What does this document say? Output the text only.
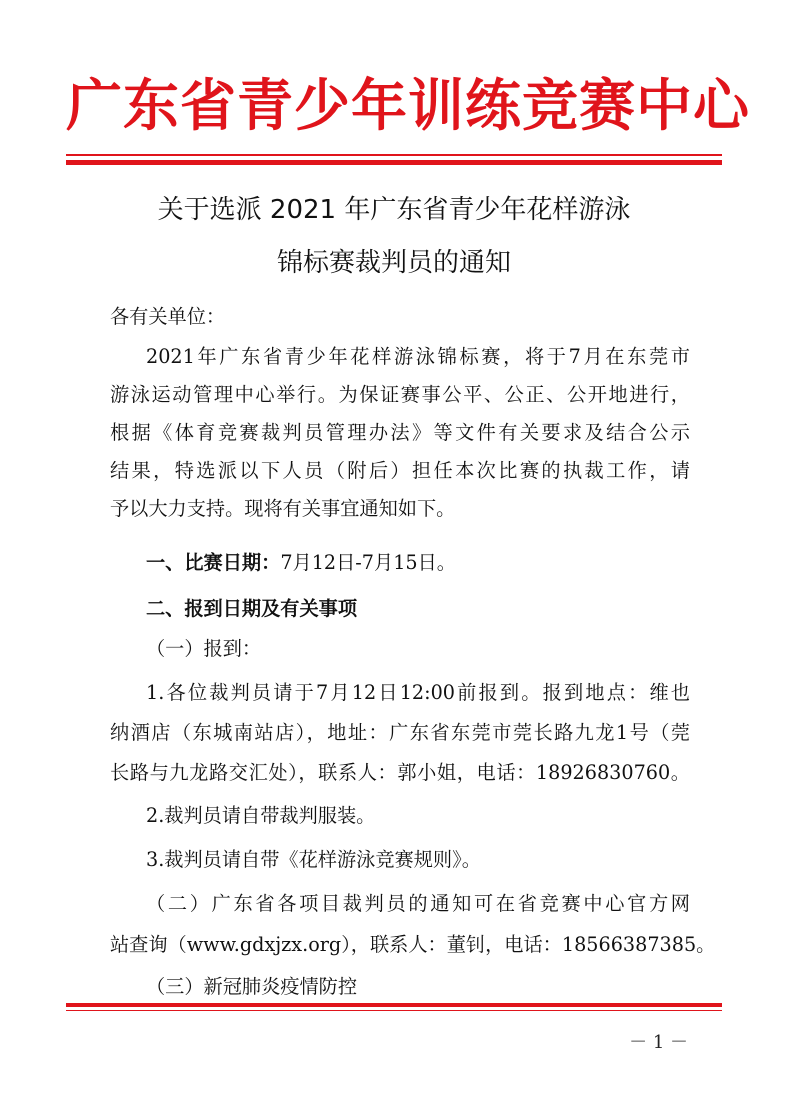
广东省青少年训练竞赛中心
关于选派 2021 年广东省青少年花样游泳
锦标赛裁判员的通知
各有关单位：
2021年广东省青少年花样游泳锦标赛，将于7月在东莞市
游泳运动管理中心举行。为保证赛事公平、公正、公开地进行，
根据《体育竞赛裁判员管理办法》等文件有关要求及结合公示
结果，特选派以下人员（附后）担任本次比赛的执裁工作，请
予以大力支持。现将有关事宜通知如下。
一、比赛日期：7月12日-7月15日。
二、报到日期及有关事项
（一）报到：
1.各位裁判员请于7月12日12:00前报到。报到地点：维也
纳酒店（东城南站店），地址：广东省东莞市莞长路九龙1号（莞
长路与九龙路交汇处），联系人：郭小姐，电话：18926830760。
2.裁判员请自带裁判服装。
3.裁判员请自带《花样游泳竞赛规则》。
（二）广东省各项目裁判员的通知可在省竞赛中心官方网
站查询（www.gdxjzx.org），联系人：董钊，电话：18566387385。
（三）新冠肺炎疫情防控
－ 1 －
